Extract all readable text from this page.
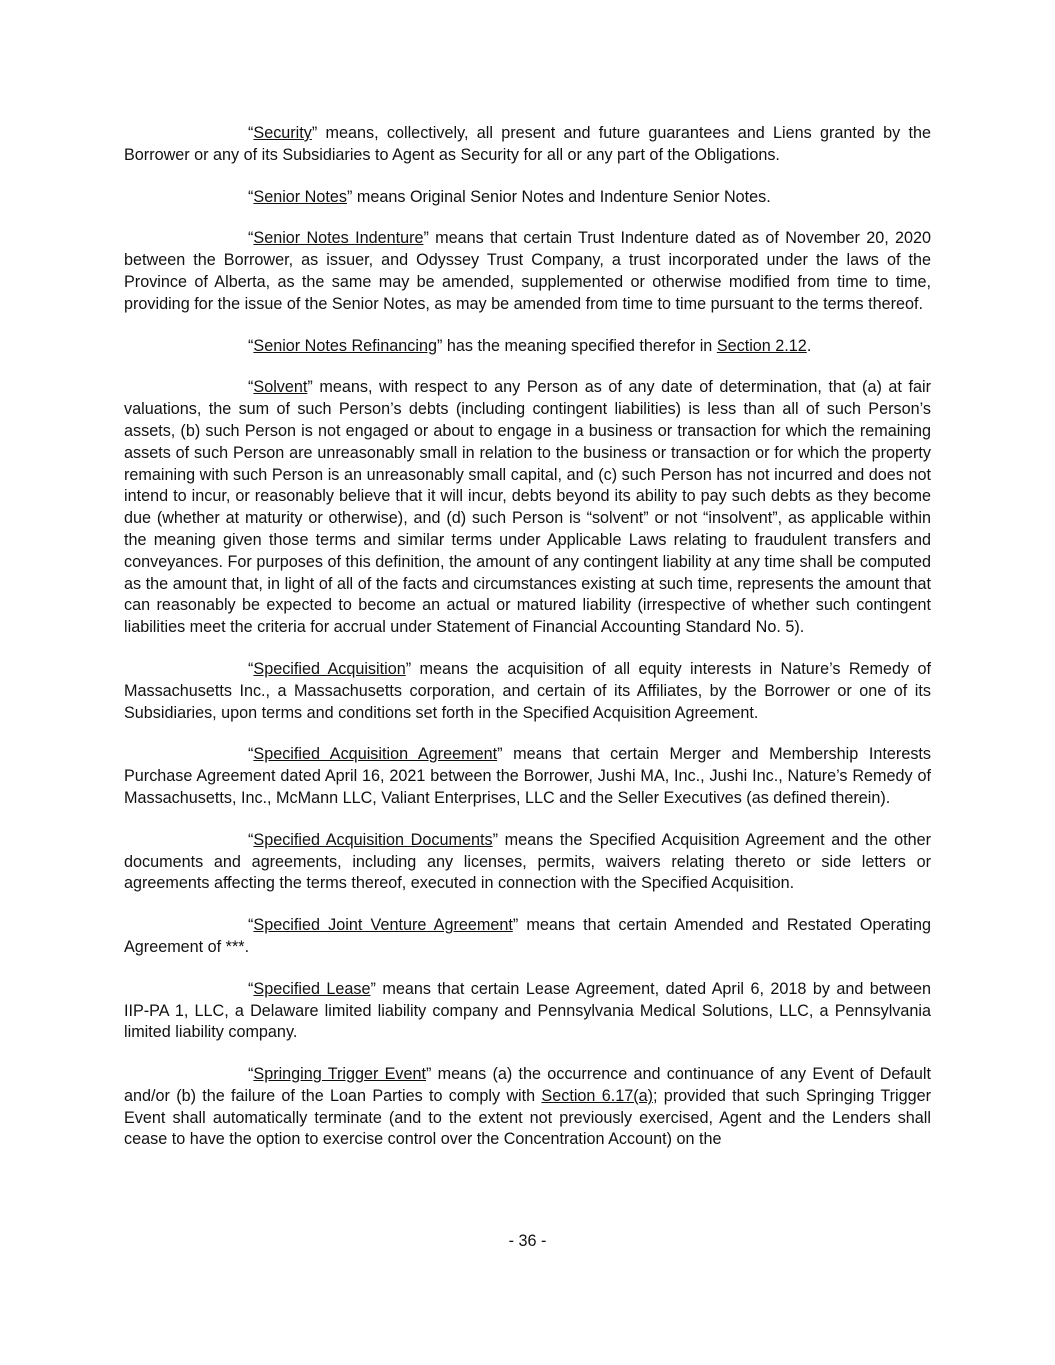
“Security” means, collectively, all present and future guarantees and Liens granted by the Borrower or any of its Subsidiaries to Agent as Security for all or any part of the Obligations.

“Senior Notes” means Original Senior Notes and Indenture Senior Notes.

“Senior Notes Indenture” means that certain Trust Indenture dated as of November 20, 2020 between the Borrower, as issuer, and Odyssey Trust Company, a trust incorporated under the laws of the Province of Alberta, as the same may be amended, supplemented or otherwise modified from time to time, providing for the issue of the Senior Notes, as may be amended from time to time pursuant to the terms thereof.

“Senior Notes Refinancing” has the meaning specified therefor in Section 2.12.

“Solvent” means, with respect to any Person as of any date of determination, that (a) at fair valuations, the sum of such Person’s debts (including contingent liabilities) is less than all of such Person’s assets, (b) such Person is not engaged or about to engage in a business or transaction for which the remaining assets of such Person are unreasonably small in relation to the business or transaction or for which the property remaining with such Person is an unreasonably small capital, and (c) such Person has not incurred and does not intend to incur, or reasonably believe that it will incur, debts beyond its ability to pay such debts as they become due (whether at maturity or otherwise), and (d) such Person is “solvent” or not “insolvent”, as applicable within the meaning given those terms and similar terms under Applicable Laws relating to fraudulent transfers and conveyances. For purposes of this definition, the amount of any contingent liability at any time shall be computed as the amount that, in light of all of the facts and circumstances existing at such time, represents the amount that can reasonably be expected to become an actual or matured liability (irrespective of whether such contingent liabilities meet the criteria for accrual under Statement of Financial Accounting Standard No. 5).

“Specified Acquisition” means the acquisition of all equity interests in Nature’s Remedy of Massachusetts Inc., a Massachusetts corporation, and certain of its Affiliates, by the Borrower or one of its Subsidiaries, upon terms and conditions set forth in the Specified Acquisition Agreement.

“Specified Acquisition Agreement” means that certain Merger and Membership Interests Purchase Agreement dated April 16, 2021 between the Borrower, Jushi MA, Inc., Jushi Inc., Nature’s Remedy of Massachusetts, Inc., McMann LLC, Valiant Enterprises, LLC and the Seller Executives (as defined therein).

“Specified Acquisition Documents” means the Specified Acquisition Agreement and the other documents and agreements, including any licenses, permits, waivers relating thereto or side letters or agreements affecting the terms thereof, executed in connection with the Specified Acquisition.

“Specified Joint Venture Agreement” means that certain Amended and Restated Operating Agreement of ***.

“Specified Lease” means that certain Lease Agreement, dated April 6, 2018 by and between IIP-PA 1, LLC, a Delaware limited liability company and Pennsylvania Medical Solutions, LLC, a Pennsylvania limited liability company.

“Springing Trigger Event” means (a) the occurrence and continuance of any Event of Default and/or (b) the failure of the Loan Parties to comply with Section 6.17(a); provided that such Springing Trigger Event shall automatically terminate (and to the extent not previously exercised, Agent and the Lenders shall cease to have the option to exercise control over the Concentration Account) on the

- 36 -
